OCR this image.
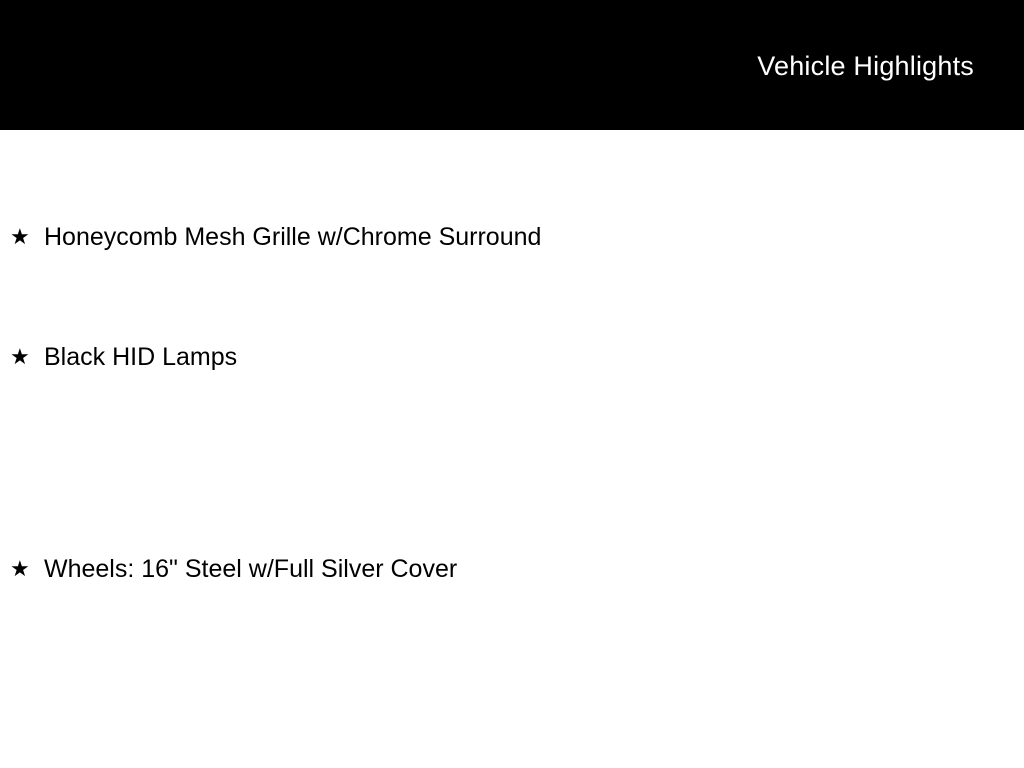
Vehicle Highlights
★ Honeycomb Mesh Grille w/Chrome Surround
★ Black HID Lamps
★ Wheels: 16" Steel w/Full Silver Cover
